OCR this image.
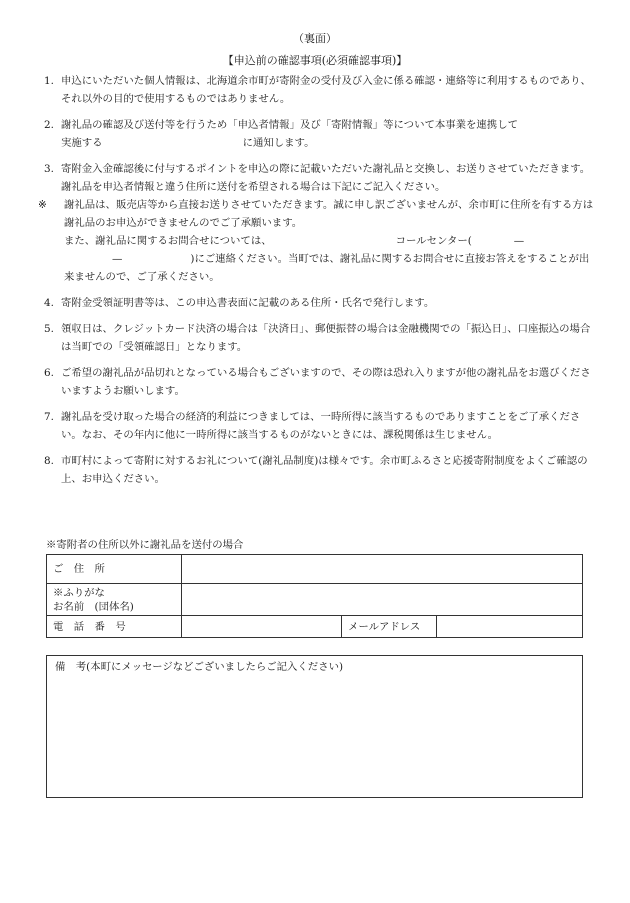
（裏面）
【申込前の確認事項(必須確認事項)】
1. 申込にいただいた個人情報は、北海道余市町が寄附金の受付及び入金に係る確認・連絡等に利用するものであり、それ以外の目的で使用するものではありません。
2. 謝礼品の確認及び送付等を行うため「申込者情報」及び「寄附情報」等について本事業を連携して
実施する	に通知します。
3. 寄附金入金確認後に付与するポイントを申込の際に記載いただいた謝礼品と交換し、お送りさせていただきます。謝礼品を申込者情報と違う住所に送付を希望される場合は下記にご記入ください。
※ 謝礼品は、販売店等から直接お送りさせていただきます。誠に申し訳ございませんが、余市町に住所を有する方は謝礼品のお申込ができませんのでご了承願います。
また、謝礼品に関するお問合せについては、	コールセンター(	—
—	)にご連絡ください。当町では、謝礼品に関するお問合せに直接お答えをすることが出来ませんので、ご了承ください。
4. 寄附金受領証明書等は、この申込書表面に記載のある住所・氏名で発行します。
5. 領収日は、クレジットカード決済の場合は「決済日」、郵便振替の場合は金融機関での「振込日」、口座振込の場合は当町での「受領確認日」となります。
6. ご希望の謝礼品が品切れとなっている場合もございますので、その際は恐れ入りますが他の謝礼品をお選びくださいますようお願いします。
7. 謝礼品を受け取った場合の経済的利益につきましては、一時所得に該当するものでありますことをご了承ください。なお、その年内に他に一時所得に該当するものがないときには、課税関係は生じません。
8. 市町村によって寄附に対するお礼について(謝礼品制度)は様々です。余市町ふるさと応援寄附制度をよくご確認の上、お申込ください。
※寄附者の住所以外に謝礼品を送付の場合
ご　住　所			

※ふりがな
お名前　(団体名)			

電　話　番　号		メールアドレス	
備　考(本町にメッセージなどございましたらご記入ください)
